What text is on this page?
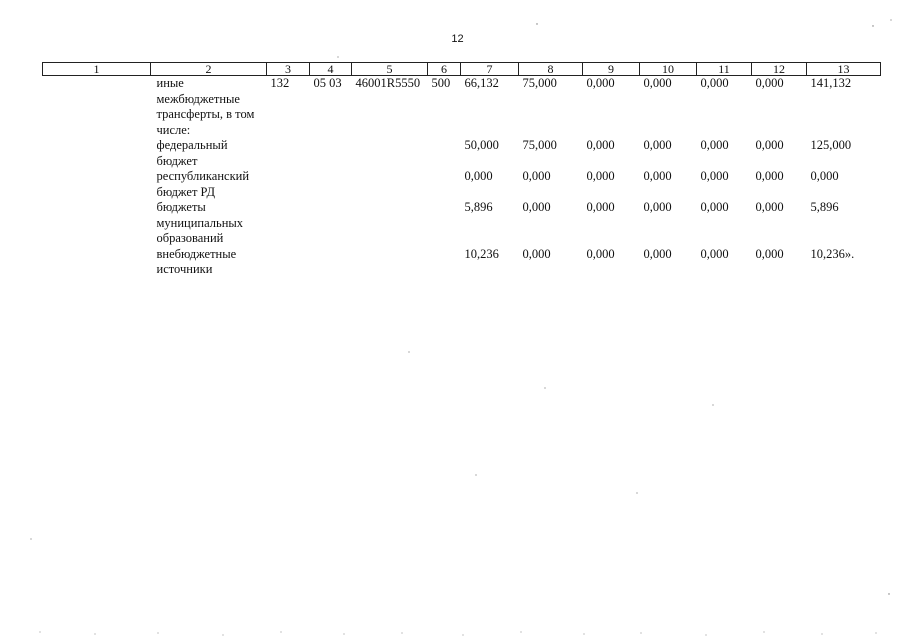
12
1	2	3	4	5	6	7	8	9	10	11	12	13
	иные межбюджетные трансферты, в том числе:	132	05 03	46001R5550	500	66,132	75,000	0,000	0,000	0,000	0,000	141,132
	федеральный бюджет					50,000	75,000	0,000	0,000	0,000	0,000	125,000
	республиканский бюджет РД					0,000	0,000	0,000	0,000	0,000	0,000	0,000
	бюджеты муниципальных образований					5,896	0,000	0,000	0,000	0,000	0,000	5,896
	внебюджетные источники					10,236	0,000	0,000	0,000	0,000	0,000	10,236».
